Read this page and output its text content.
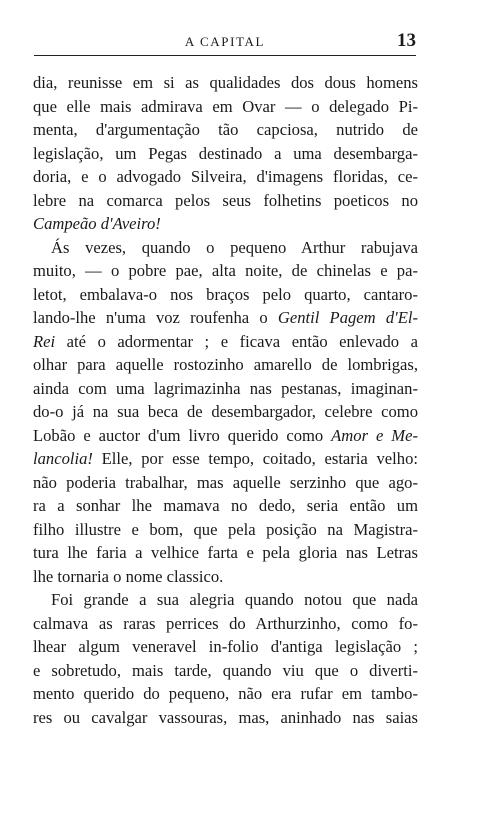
A CAPITAL	13
dia, reunisse em si as qualidades dos dous homens
que elle mais admirava em Ovar — o delegado Pi-
menta, d'argumentação tão capciosa, nutrido de
legislação, um Pegas destinado a uma desembarga-
doria, e o advogado Silveira, d'imagens floridas, ce-
lebre na comarca pelos seus folhetins poeticos no
Campeão d'Aveiro!
Ás vezes, quando o pequeno Arthur rabujava
muito, — o pobre pae, alta noite, de chinelas e pa-
letot, embalava-o nos braços pelo quarto, cantaro-
lando-lhe n'uma voz roufenha o Gentil Pagem d'El-
Rei até o adormentar ; e ficava então enlevado a
olhar para aquelle rostozinho amarello de lombrigas,
ainda com uma lagrimazinha nas pestanas, imaginan-
do-o já na sua beca de desembargador, celebre como
Lobão e auctor d'um livro querido como Amor e Me-
lancolia! Elle, por esse tempo, coitado, estaria velho:
não poderia trabalhar, mas aquelle serzinho que ago-
ra a sonhar lhe mamava no dedo, seria então um
filho illustre e bom, que pela posição na Magistra-
tura lhe faria a velhice farta e pela gloria nas Letras
lhe tornaria o nome classico.
Foi grande a sua alegria quando notou que nada
calmava as raras perrices do Arthurzinho, como fo-
lhear algum veneravel in-folio d'antiga legislação ;
e sobretudo, mais tarde, quando viu que o diverti-
mento querido do pequeno, não era rufar em tambo-
res ou cavalgar vassouras, mas, aninhado nas saias
